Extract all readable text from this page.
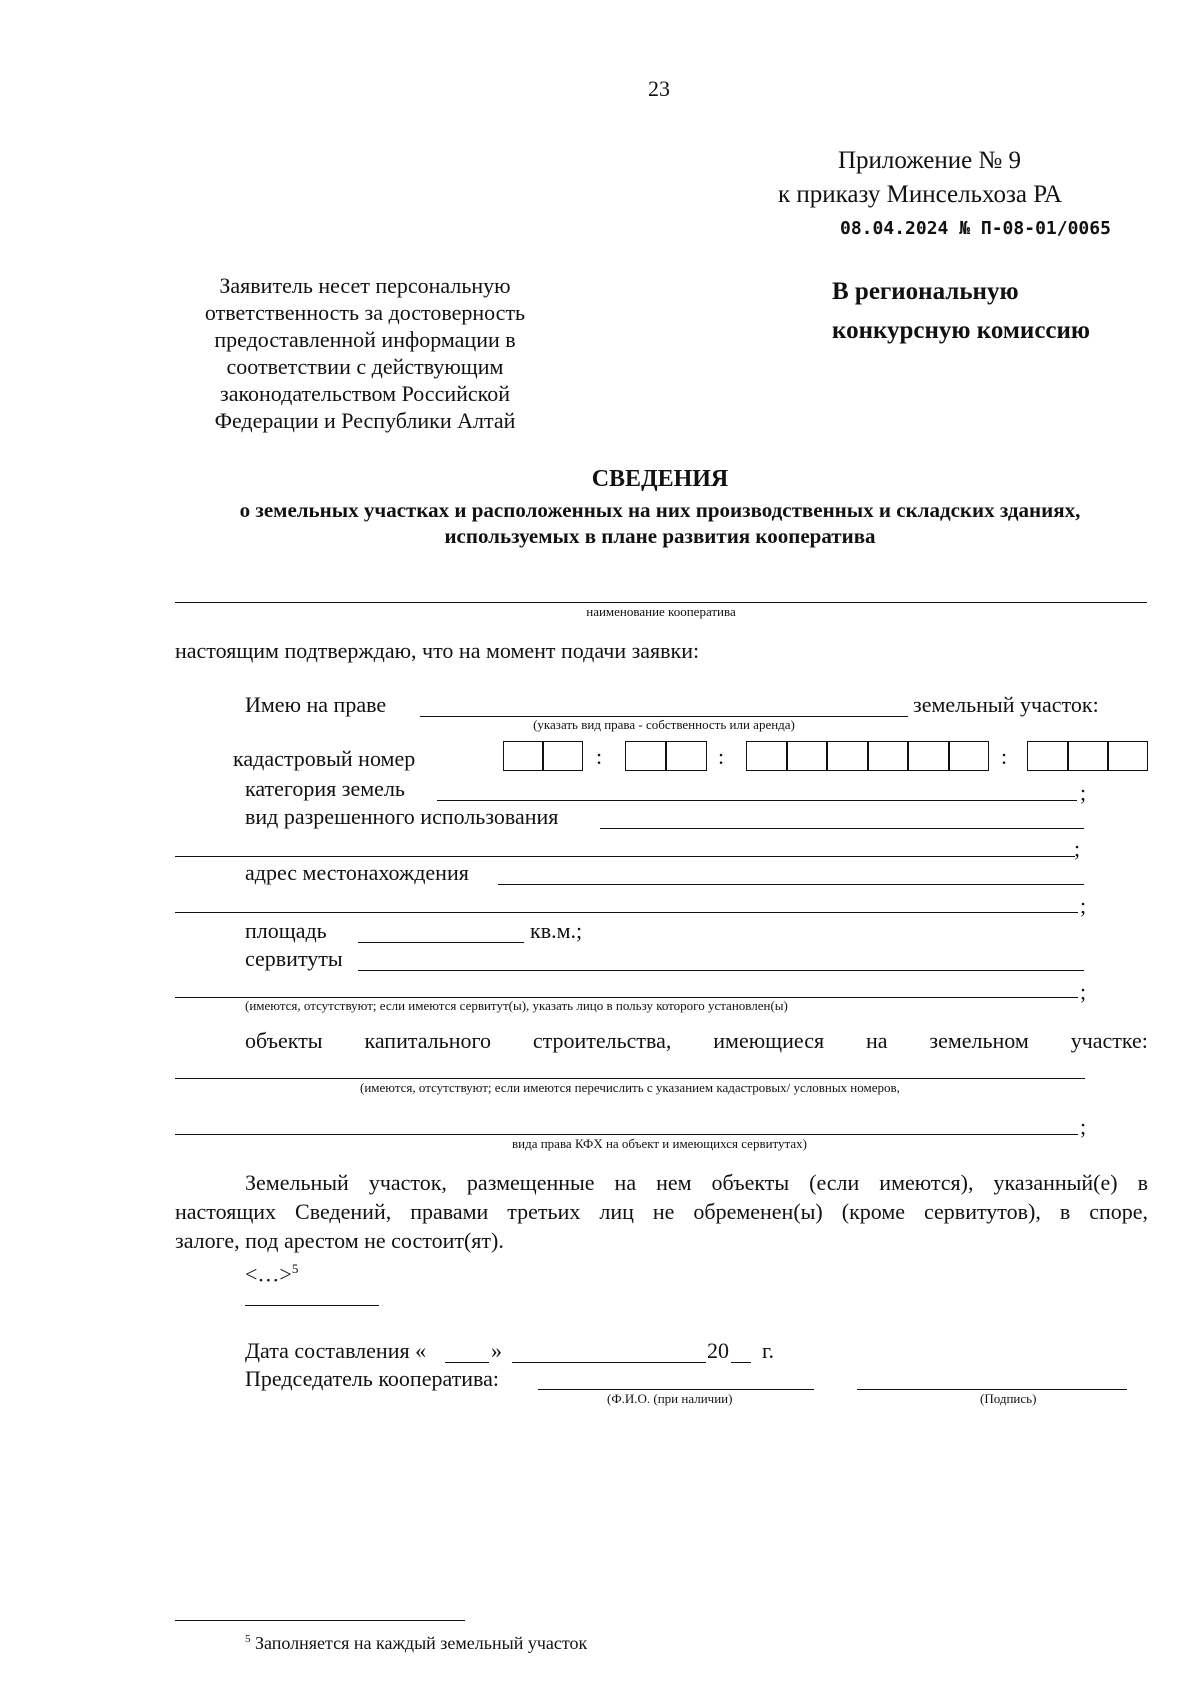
23
Приложение № 9
к приказу Минсельхоза РА
08.04.2024 № П-08-01/0065
Заявитель несет персональную
ответственность за достоверность
предоставленной информации в
соответствии с действующим
законодательством Российской
Федерации и Республики Алтай
В региональную
конкурсную комиссию
СВЕДЕНИЯ
о земельных участках и расположенных на них производственных и складских зданиях,
используемых в плане развития кооператива
наименование кооператива
настоящим подтверждаю, что на момент подачи заявки:
Имею на праве	земельный участок:
(указать вид права - собственность или аренда)
кадастровый номер	:	:	:
категория земель	;
вид разрешенного использования
;
адрес местонахождения
;
площадь	кв.м.;
сервитуты
;
(имеются, отсутствуют; если имеются сервитут(ы), указать лицо в пользу которого установлен(ы)
объекты капитального строительства, имеющиеся на земельном участке:
(имеются, отсутствуют; если имеются перечислить с указанием кадастровых/ условных номеров,
;
вида права КФХ на объект и имеющихся сервитутах)
Земельный участок, размещенные на нем объекты (если имеются), указанный(е) в
настоящих Сведений, правами третьих лиц не обременен(ы) (кроме сервитутов), в споре,
залоге, под арестом не состоит(ят).
<…>$^5$
Дата составления «	»	20 г.
Председатель кооператива:
(Ф.И.О. (при наличии)	(Подпись)
$^5$ Заполняется на каждый земельный участок
